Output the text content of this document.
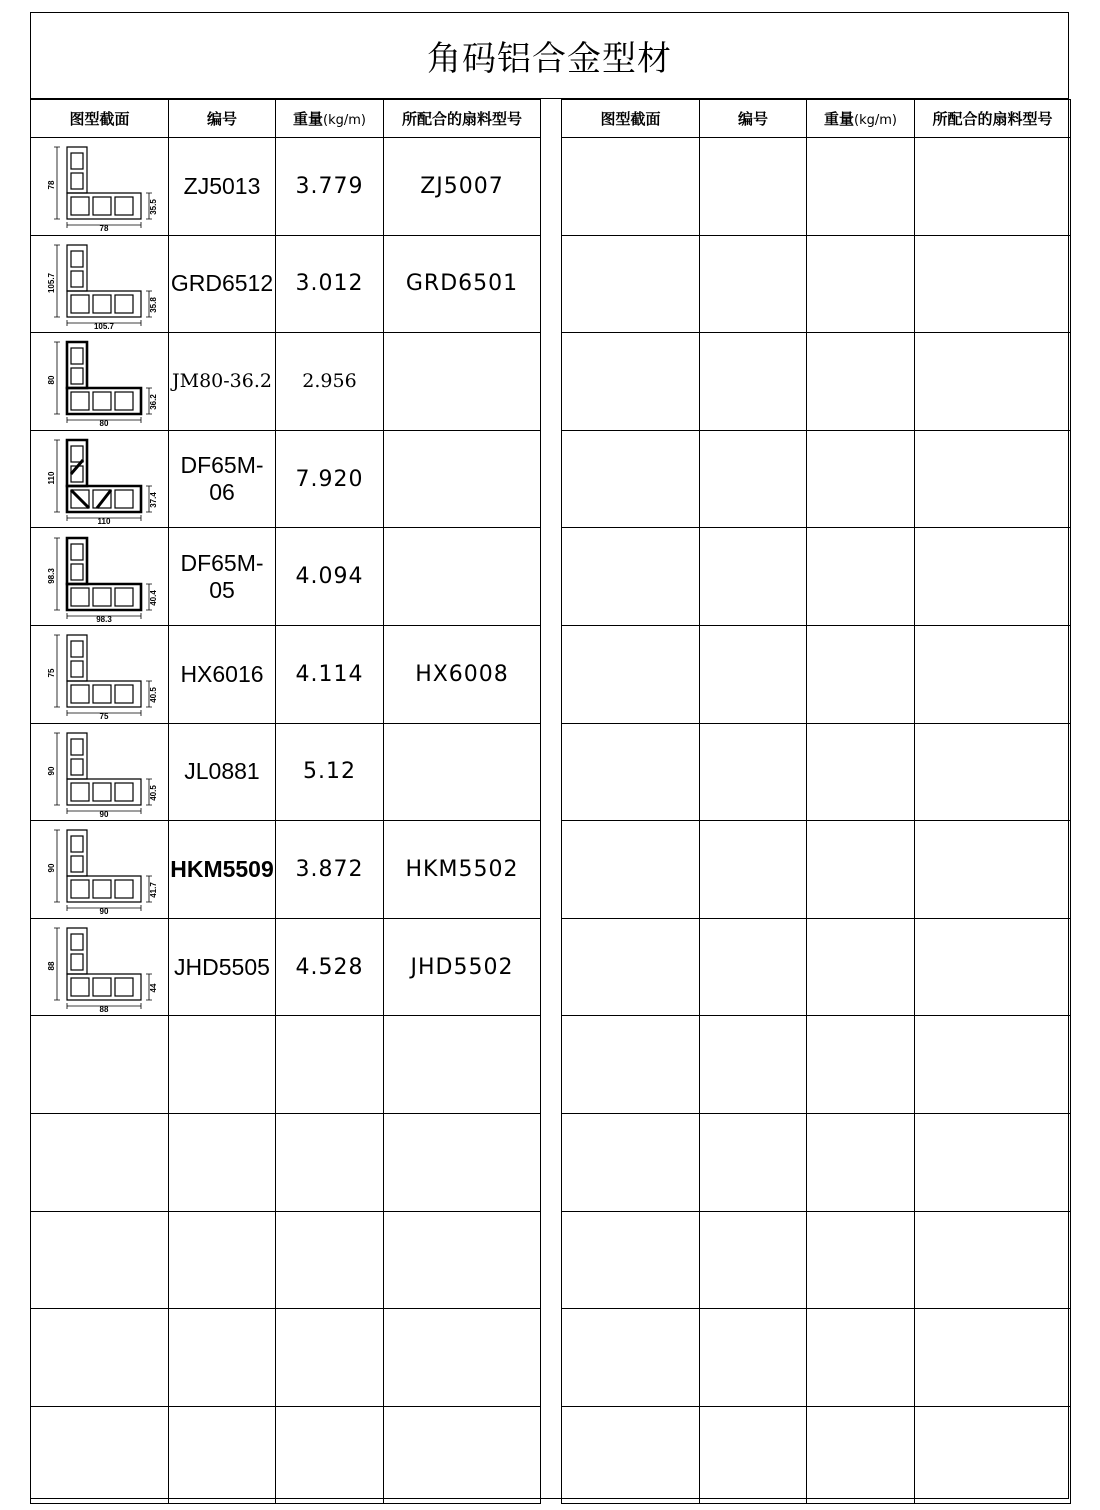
角码铝合金型材
图型截面	编号	重量(kg/m)	所配合的扇料型号

78
78
35.5	ZJ5013	3.779	ZJ5007

105.7
105.7
35.8	GRD6512	3.012	GRD6501

80
80
36.2	JM80-36.2	2.956	

110
110
37.4	DF65M-06	7.920	

98.3
98.3
40.4	DF65M-05	4.094	

75
75
40.5	HX6016	4.114	HX6008

90
90
40.5	JL0881	5.12	

90
90
41.7	HKM5509	3.872	HKM5502

88
88
44	JHD5505	4.528	JHD5502

图型截面	编号	重量(kg/m)	所配合的扇料型号
